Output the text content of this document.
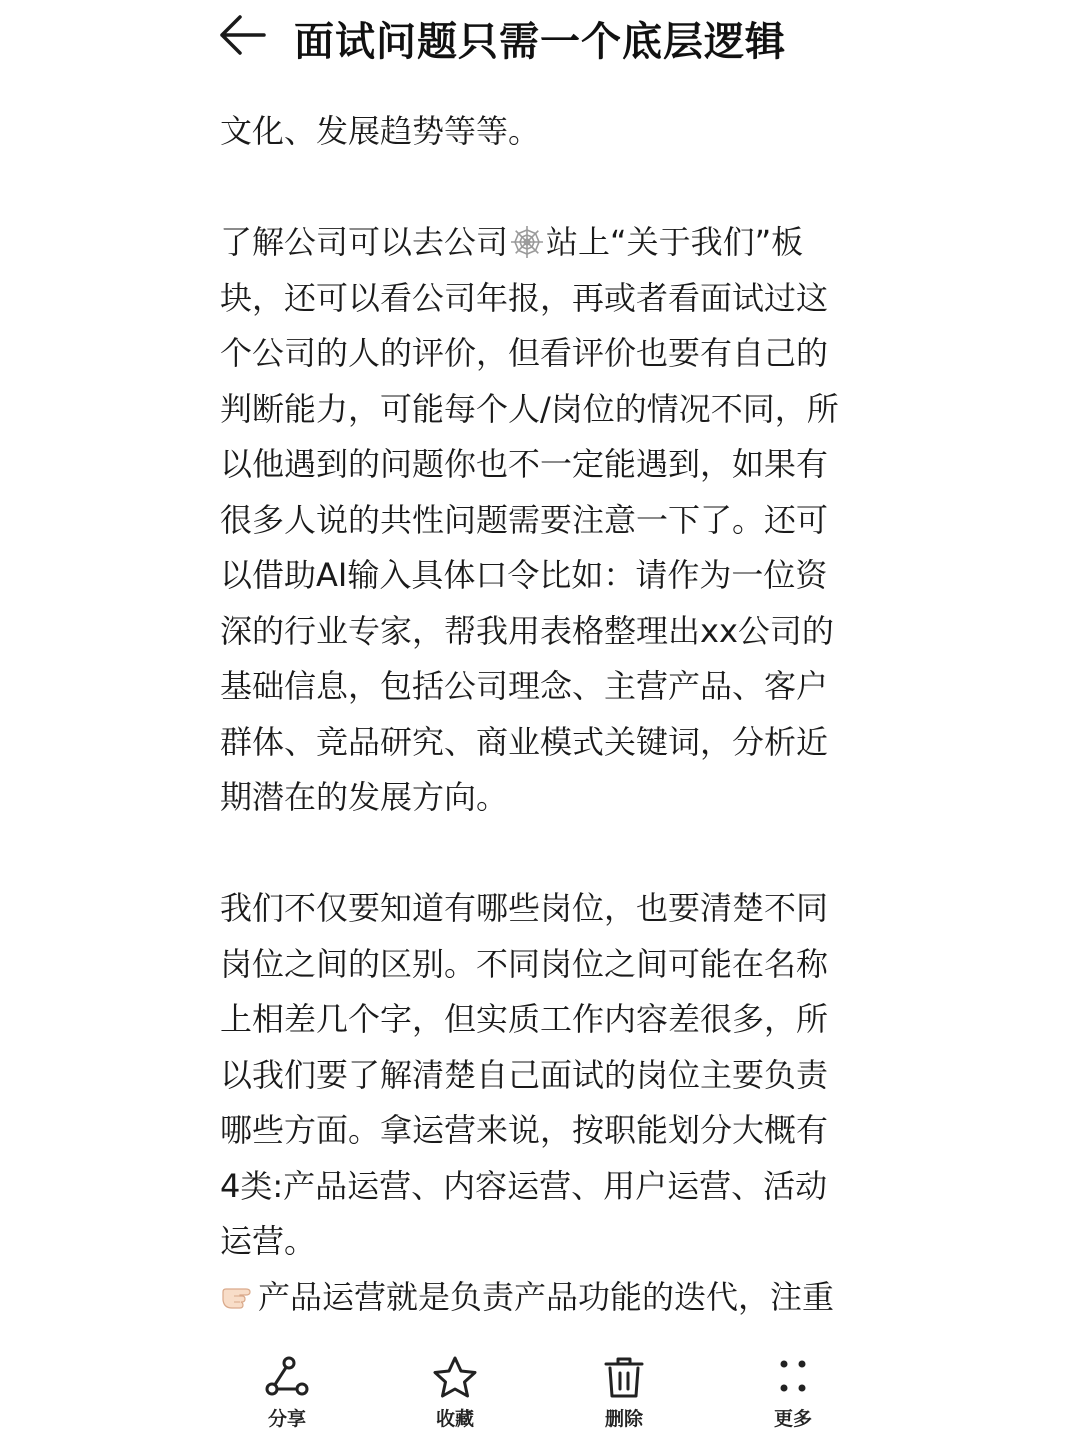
面试问题只需一个底层逻辑
文化、发展趋势等等。
了解公司可以去公司 站上“关于我们”板
块，还可以看公司年报，再或者看面试过这
个公司的人的评价，但看评价也要有自己的
判断能力，可能每个人/岗位的情况不同，所
以他遇到的问题你也不一定能遇到，如果有
很多人说的共性问题需要注意一下了。还可
以借助AI输入具体口令比如：请作为一位资
深的行业专家，帮我用表格整理出xx公司的
基础信息，包括公司理念、主营产品、客户
群体、竞品研究、商业模式关键词，分析近
期潜在的发展方向。
我们不仅要知道有哪些岗位，也要清楚不同
岗位之间的区别。不同岗位之间可能在名称
上相差几个字，但实质工作内容差很多，所
以我们要了解清楚自己面试的岗位主要负责
哪些方面。拿运营来说，按职能划分大概有
4类:产品运营、内容运营、用户运营、活动
运营。
产品运营就是负责产品功能的迭代，注重

分享	收藏	删除	更多
